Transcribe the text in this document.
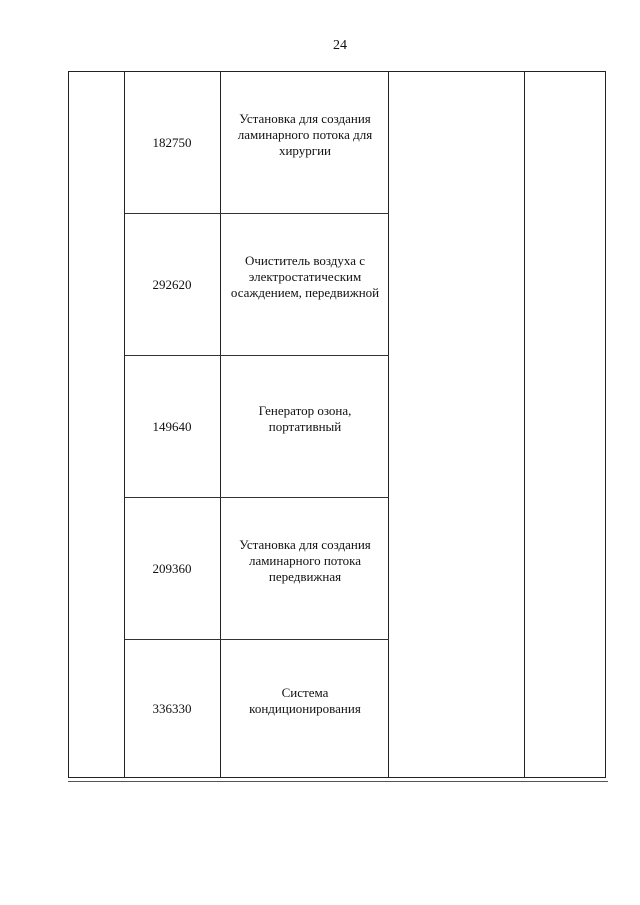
24
182750
Установка для создания ламинарного потока для хирургии
292620
Очиститель воздуха с электростатическим осаждением, передвижной
149640
Генератор озона, портативный
209360
Установка для создания ламинарного потока передвижная
336330
Система кондиционирования
